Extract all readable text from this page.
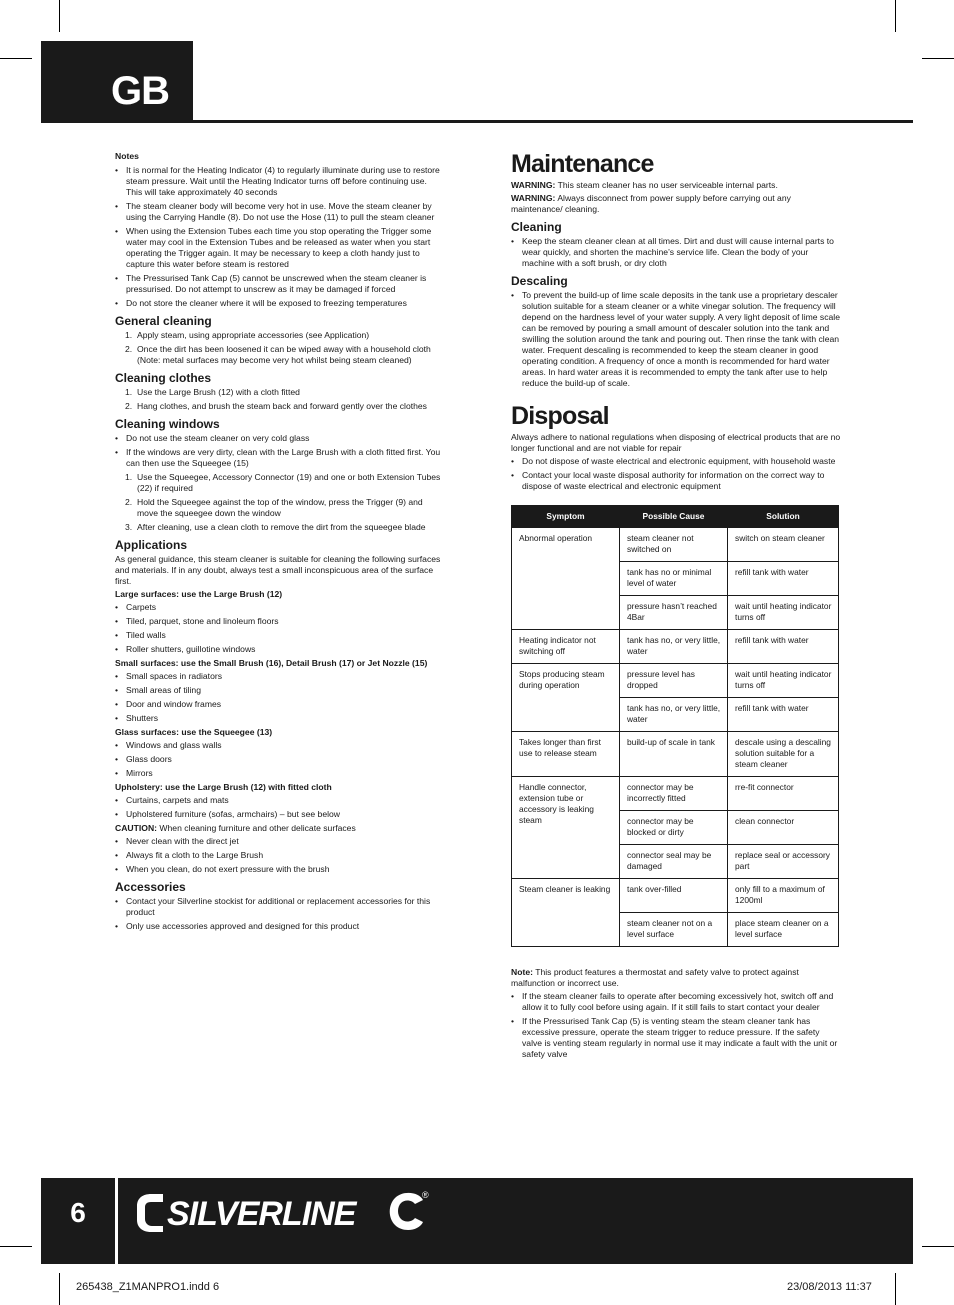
GB
Notes
• It is normal for the Heating Indicator (4) to regularly illuminate during use to restore steam pressure. Wait until the Heating Indicator turns off before continuing use. This will take approximately 40 seconds
• The steam cleaner body will become very hot in use. Move the steam cleaner by using the Carrying Handle (8). Do not use the Hose (11) to pull the steam cleaner
• When using the Extension Tubes each time you stop operating the Trigger some water may cool in the Extension Tubes and be released as water when you start operating the Trigger again. It may be necessary to keep a cloth handy just to capture this water before steam is restored
• The Pressurised Tank Cap (5) cannot be unscrewed when the steam cleaner is pressurised. Do not attempt to unscrew as it may be damaged if forced
• Do not store the cleaner where it will be exposed to freezing temperatures
General cleaning
1. Apply steam, using appropriate accessories (see Application)
2. Once the dirt has been loosened it can be wiped away with a household cloth (Note: metal surfaces may become very hot whilst being steam cleaned)
Cleaning clothes
1. Use the Large Brush (12) with a cloth fitted
2. Hang clothes, and brush the steam back and forward gently over the clothes
Cleaning windows
• Do not use the steam cleaner on very cold glass
• If the windows are very dirty, clean with the Large Brush with a cloth fitted first. You can then use the Squeegee (15)
1. Use the Squeegee, Accessory Connector (19) and one or both Extension Tubes (22) if required
2. Hold the Squeegee against the top of the window, press the Trigger (9) and move the squeegee down the window
3. After cleaning, use a clean cloth to remove the dirt from the squeegee blade
Applications
As general guidance, this steam cleaner is suitable for cleaning the following surfaces and materials. If in any doubt, always test a small inconspicuous area of the surface first.
Large surfaces: use the Large Brush (12)
• Carpets
• Tiled, parquet, stone and linoleum floors
• Tiled walls
• Roller shutters, guillotine windows
Small surfaces: use the Small Brush (16), Detail Brush (17) or Jet Nozzle (15)
• Small spaces in radiators
• Small areas of tiling
• Door and window frames
• Shutters
Glass surfaces: use the Squeegee (13)
• Windows and glass walls
• Glass doors
• Mirrors
Upholstery: use the Large Brush (12) with fitted cloth
• Curtains, carpets and mats
• Upholstered furniture (sofas, armchairs) – but see below
CAUTION: When cleaning furniture and other delicate surfaces
• Never clean with the direct jet
• Always fit a cloth to the Large Brush
• When you clean, do not exert pressure with the brush
Accessories
• Contact your Silverline stockist for additional or replacement accessories for this product
• Only use accessories approved and designed for this product
Maintenance
WARNING: This steam cleaner has no user serviceable internal parts.
WARNING: Always disconnect from power supply before carrying out any maintenance/ cleaning.
Cleaning
• Keep the steam cleaner clean at all times. Dirt and dust will cause internal parts to wear quickly, and shorten the machine’s service life. Clean the body of your machine with a soft brush, or dry cloth
Descaling
• To prevent the build-up of lime scale deposits in the tank use a proprietary descaler solution suitable for a steam cleaner or a white vinegar solution. The frequency will depend on the hardness level of your water supply. A very light deposit of lime scale can be removed by pouring a small amount of descaler solution into the tank and swilling the solution around the tank and pouring out. Then rinse the tank with clean water. Frequent descaling is recommended to keep the steam cleaner in good operating condition. A frequency of once a month is recommended for hard water areas. In hard water areas it is recommended to empty the tank after use to help reduce the build-up of scale.
Disposal
Always adhere to national regulations when disposing of electrical products that are no longer functional and are not viable for repair
• Do not dispose of waste electrical and electronic equipment, with household waste
• Contact your local waste disposal authority for information on the correct way to dispose of waste electrical and electronic equipment
Symptom	Possible Cause	Solution
Abnormal operation	steam cleaner not switched on	switch on steam cleaner
	tank has no or minimal level of water	refill tank with water
	pressure hasn’t reached 4Bar	wait until heating indicator turns off
Heating indicator not switching off	tank has no, or very little, water	refill tank with water
Stops producing steam during operation	pressure level has dropped	wait until heating indicator turns off
	tank has no, or very little, water	refill tank with water
Takes longer than first use to release steam	build-up of scale in tank	descale using a descaling solution suitable for a steam cleaner
Handle connector, extension tube or accessory is leaking steam	connector may be incorrectly fitted	rre-fit connector
	connector may be blocked or dirty	clean connector
	connector seal may be damaged	replace seal or accessory part
Steam cleaner is leaking	tank over-filled	only fill to a maximum of 1200ml
	steam cleaner not on a level surface	place steam cleaner on a level surface
Note: This product features a thermostat and safety valve to protect against malfunction or incorrect use.
• If the steam cleaner fails to operate after becoming excessively hot, switch off and allow it to fully cool before using again. If it still fails to start contact your dealer
• If the Pressurised Tank Cap (5) is venting steam the steam cleaner tank has excessive pressure, operate the steam trigger to reduce pressure. If the safety valve is venting steam regularly in normal use it may indicate a fault with the unit or safety valve
6	SILVERLINE	®
265438_Z1MANPRO1.indd 6	23/08/2013 11:37
